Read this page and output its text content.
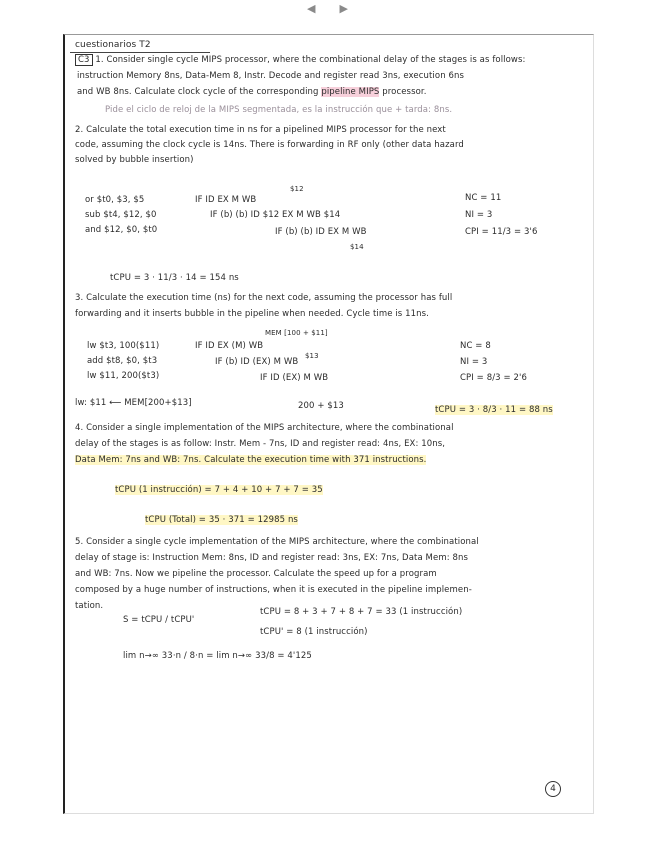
◀ ▶
cuestionarios T2
C3 1. Consider single cycle MIPS processor, where the combinational delay of the stages is as follows:
instruction Memory 8ns, Data-Mem 8, Instr. Decode and register read 3ns, execution 6ns
and WB 8ns. Calculate clock cycle of the corresponding pipeline MIPS processor.
Pide el ciclo de reloj de la MIPS segmentada, es la instrucción que + tarda: 8ns.
2. Calculate the total execution time in ns for a pipelined MIPS processor for the next
code, assuming the clock cycle is 14ns. There is forwarding in RF only (other data hazard
solved by bubble insertion)
$12
or $t0, $3, $5
sub $t4, $12, $0
and $12, $0, $t0
IF ID EX M WB
IF (b) (b) ID $12 EX M WB $14
IF (b) (b) ID EX M WB
$14
NC = 11
NI = 3
CPI = 11/3 = 3'6
tCPU = 3 · 11/3 · 14 = 154 ns
3. Calculate the execution time (ns) for the next code, assuming the processor has full
forwarding and it inserts bubble in the pipeline when needed. Cycle time is 11ns.
MEM [100 + $11]
lw $t3, 100($11)
add $t8, $0, $t3
lw $11, 200($t3)
IF ID EX (M) WB
$13
IF (b) ID (EX) M WB
IF ID (EX) M WB
NC = 8
NI = 3
CPI = 8/3 = 2'6
lw: $11 ⟵ MEM[200+$13]	200 + $13	tCPU = 3 · 8/3 · 11 = 88 ns
4. Consider a single implementation of the MIPS architecture, where the combinational
delay of the stages is as follow: Instr. Mem - 7ns, ID and register read: 4ns, EX: 10ns,
Data Mem: 7ns and WB: 7ns. Calculate the execution time with 371 instructions.
tCPU (1 instrucción) = 7 + 4 + 10 + 7 + 7 = 35
tCPU (Total) = 35 · 371 = 12985 ns
5. Consider a single cycle implementation of the MIPS architecture, where the combinational
delay of stage is: Instruction Mem: 8ns, ID and register read: 3ns, EX: 7ns, Data Mem: 8ns
and WB: 7ns. Now we pipeline the processor. Calculate the speed up for a program
composed by a huge number of instructions, when it is executed in the pipeline implemen-
tation.
S = tCPU / tCPU'
tCPU = 8 + 3 + 7 + 8 + 7 = 33 (1 instrucción)
tCPU' = 8 (1 instrucción)
lim n→∞ 33·n / 8·n = lim n→∞ 33/8 = 4'125
4
